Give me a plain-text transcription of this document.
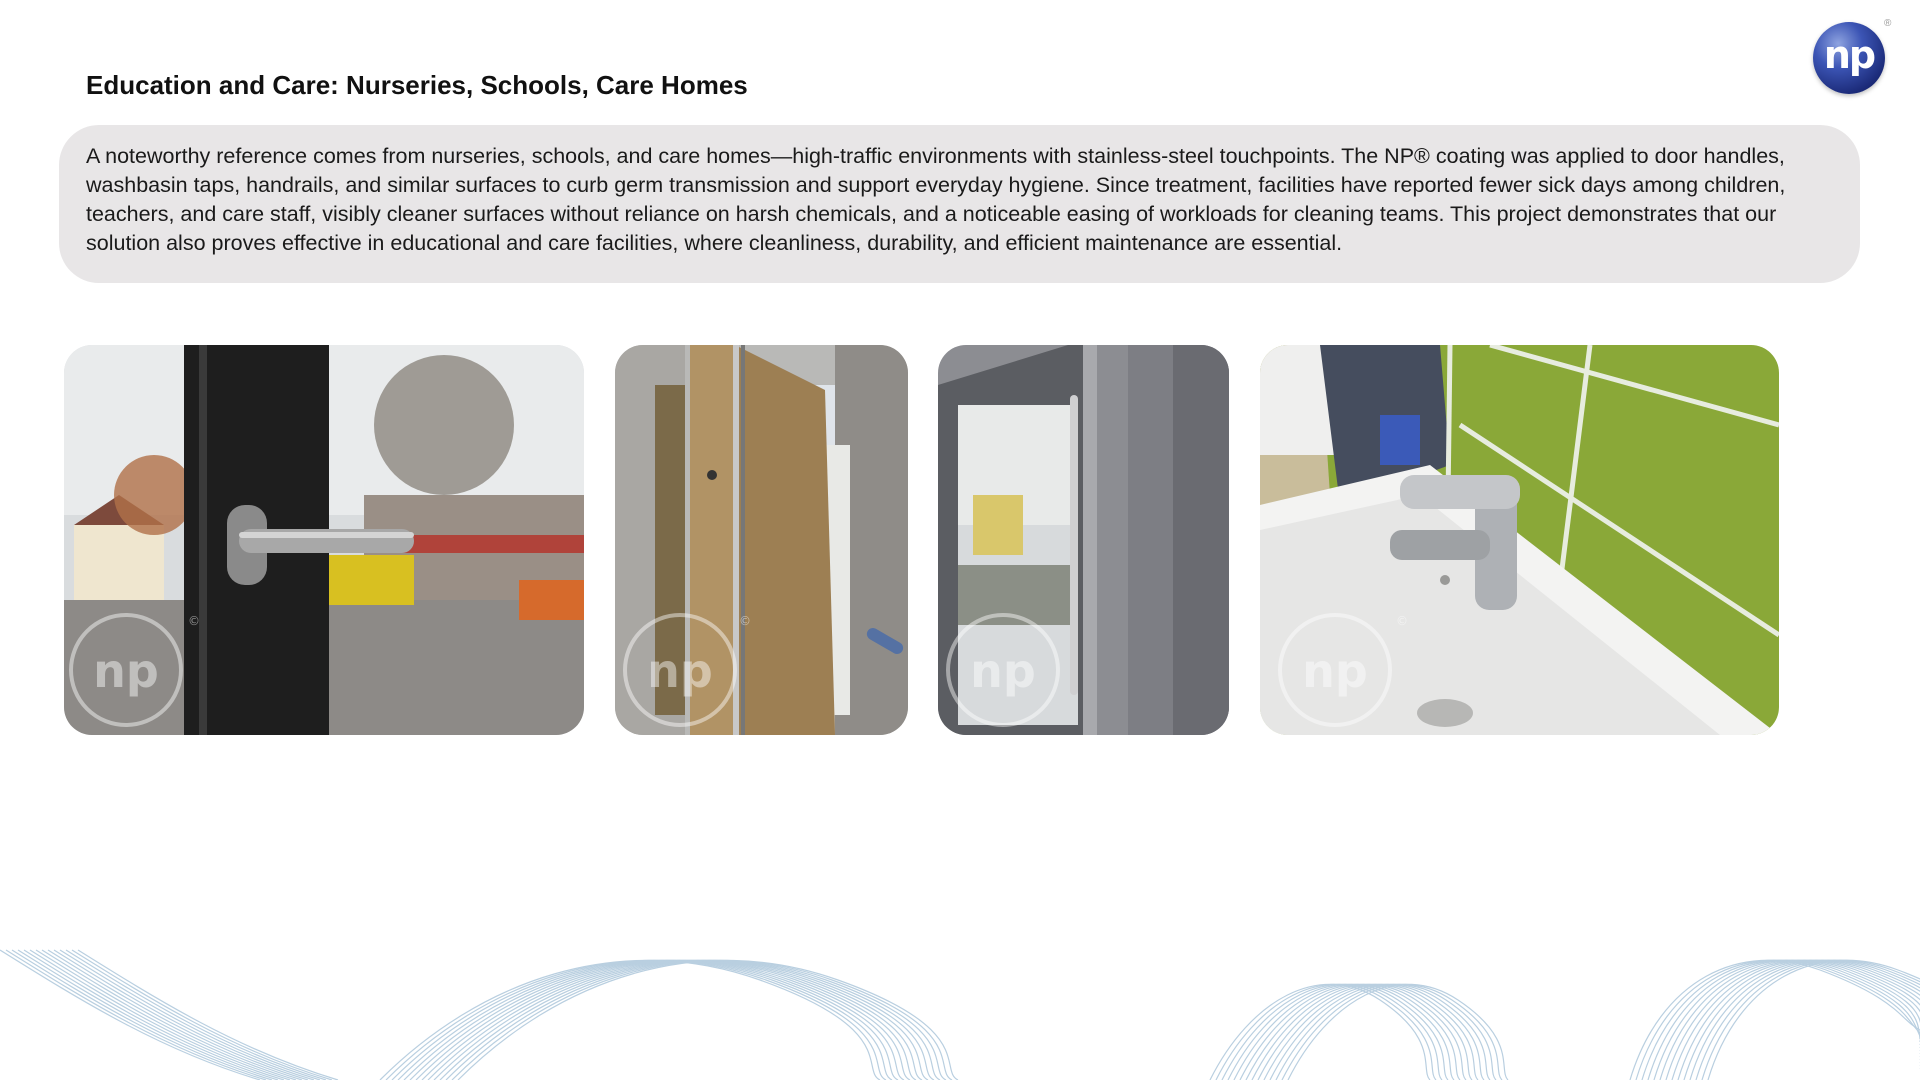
np
®
Education and Care: Nurseries, Schools, Care Homes

A noteworthy reference comes from nurseries, schools, and care homes—high-traffic environments with stainless-steel touchpoints. The NP® coating was applied to door handles, washbasin taps, handrails, and similar surfaces to curb germ transmission and support everyday hygiene. Since treatment, facilities have reported fewer sick days among children, teachers, and care staff, visibly cleaner surfaces without reliance on harsh chemicals, and a noticeable easing of workloads for cleaning teams. This project demonstrates that our solution also proves effective in educational and care facilities, where cleanliness, durability, and efficient maintenance are essential.

np
©
np
©
np	np
©
